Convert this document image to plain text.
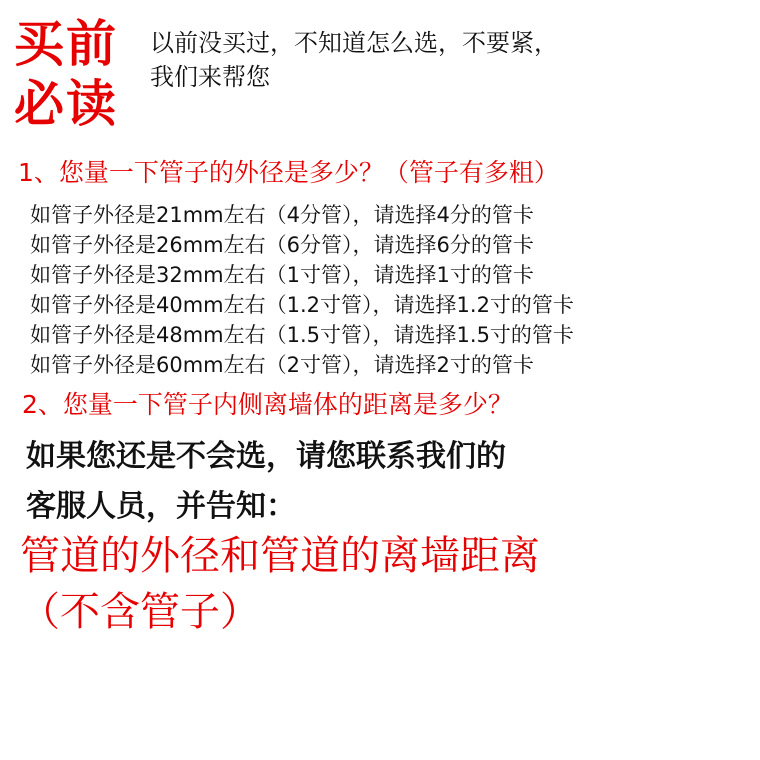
买前
必读
以前没买过，不知道怎么选，不要紧，
我们来帮您
1、您量一下管子的外径是多少？（管子有多粗）
如管子外径是21mm左右（4分管），请选择4分的管卡
如管子外径是26mm左右（6分管），请选择6分的管卡
如管子外径是32mm左右（1寸管），请选择1寸的管卡
如管子外径是40mm左右（1.2寸管），请选择1.2寸的管卡
如管子外径是48mm左右（1.5寸管），请选择1.5寸的管卡
如管子外径是60mm左右（2寸管），请选择2寸的管卡
2、您量一下管子内侧离墙体的距离是多少？
如果您还是不会选，请您联系我们的
客服人员，并告知：
管道的外径和管道的离墙距离
（不含管子）
